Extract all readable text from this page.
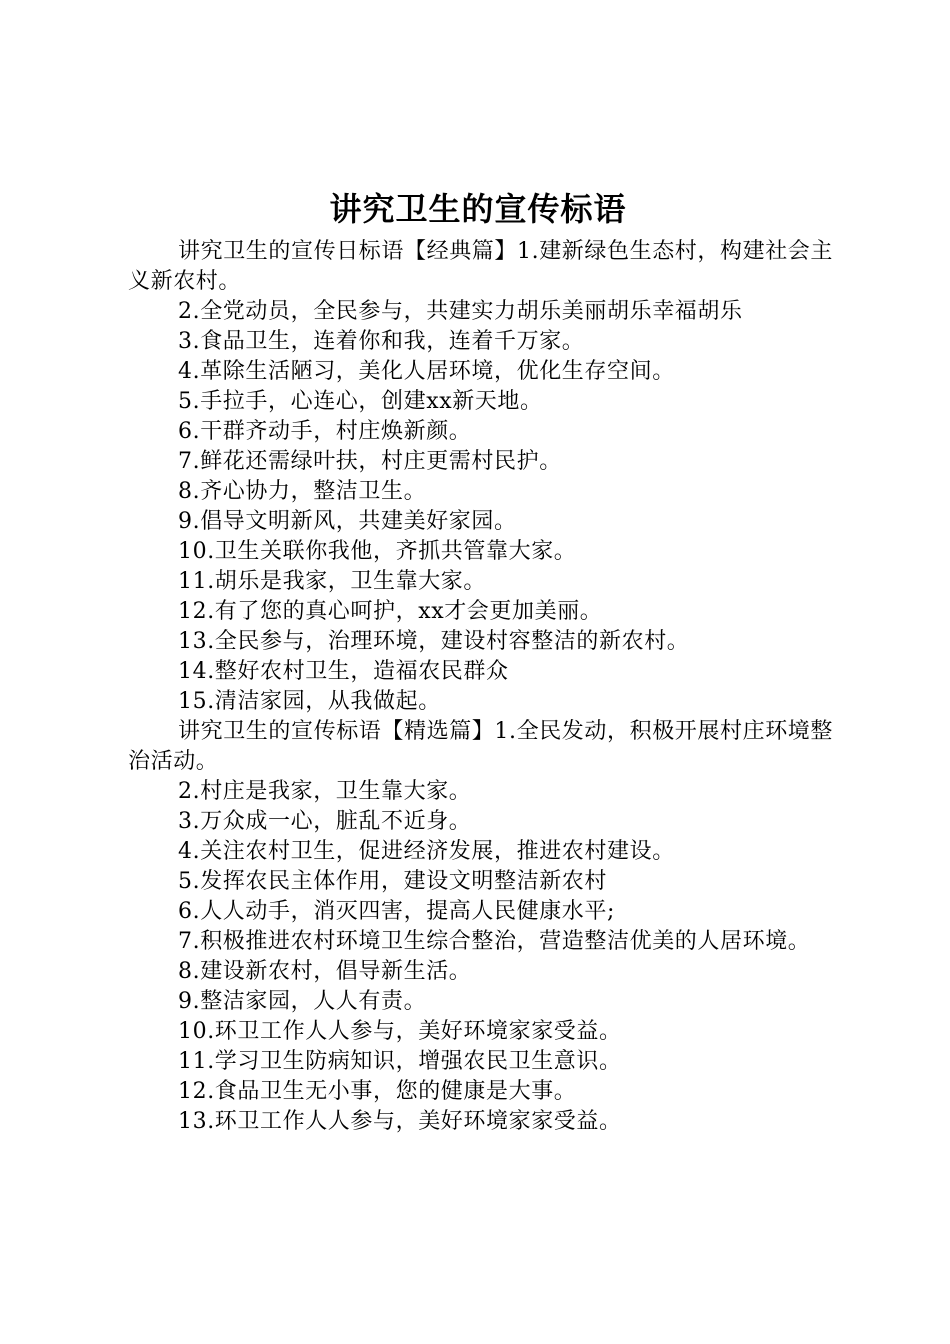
讲究卫生的宣传标语

讲究卫生的宣传日标语【经典篇】1.建新绿色生态村，构建社会主义新农村。

2.全党动员，全民参与，共建实力胡乐美丽胡乐幸福胡乐

3.食品卫生，连着你和我，连着千万家。

4.革除生活陋习，美化人居环境，优化生存空间。

5.手拉手，心连心，创建xx新天地。

6.干群齐动手，村庄焕新颜。

7.鲜花还需绿叶扶，村庄更需村民护。

8.齐心协力，整洁卫生。

9.倡导文明新风，共建美好家园。

10.卫生关联你我他，齐抓共管靠大家。

11.胡乐是我家，卫生靠大家。

12.有了您的真心呵护，xx才会更加美丽。

13.全民参与，治理环境，建设村容整洁的新农村。

14.整好农村卫生，造福农民群众

15.清洁家园，从我做起。

讲究卫生的宣传标语【精选篇】1.全民发动，积极开展村庄环境整治活动。

2.村庄是我家，卫生靠大家。

3.万众成一心，脏乱不近身。

4.关注农村卫生，促进经济发展，推进农村建设。

5.发挥农民主体作用，建设文明整洁新农村

6.人人动手，消灭四害，提高人民健康水平;

7.积极推进农村环境卫生综合整治，营造整洁优美的人居环境。

8.建设新农村，倡导新生活。

9.整洁家园，人人有责。

10.环卫工作人人参与，美好环境家家受益。

11.学习卫生防病知识，增强农民卫生意识。

12.食品卫生无小事，您的健康是大事。

13.环卫工作人人参与，美好环境家家受益。
